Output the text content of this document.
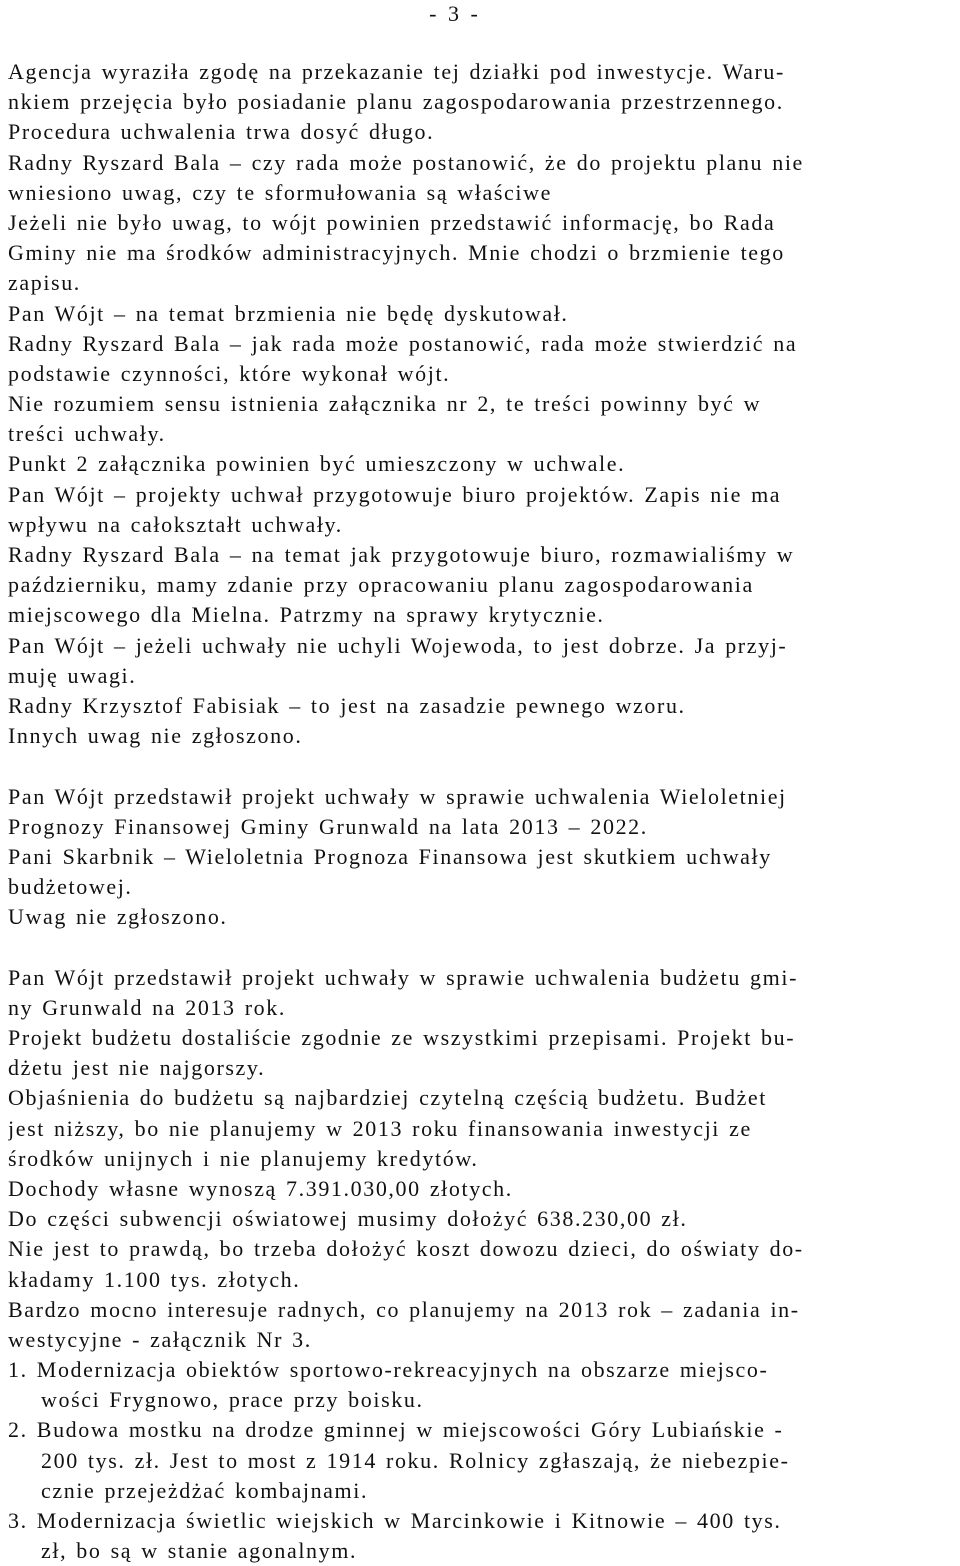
- 3 -
Agencja wyraziła zgodę na przekazanie tej działki pod inwestycje. Waru-
nkiem przejęcia było posiadanie planu zagospodarowania przestrzennego.
Procedura uchwalenia trwa dosyć długo.
Radny Ryszard Bala – czy rada może postanowić, że do projektu planu nie
wniesiono uwag, czy te sformułowania są właściwe
Jeżeli nie było uwag, to wójt powinien przedstawić informację, bo Rada
Gminy nie ma środków administracyjnych. Mnie chodzi o brzmienie tego
zapisu.
Pan Wójt – na temat brzmienia nie będę dyskutował.
Radny Ryszard Bala – jak rada może postanowić, rada może stwierdzić na
podstawie czynności, które wykonał wójt.
Nie rozumiem sensu istnienia załącznika nr 2, te treści powinny być w
treści uchwały.
Punkt 2 załącznika powinien być umieszczony w uchwale.
Pan Wójt – projekty uchwał przygotowuje biuro projektów. Zapis nie ma
wpływu na całokształt uchwały.
Radny Ryszard Bala – na temat jak przygotowuje biuro, rozmawialiśmy w
październiku, mamy zdanie przy opracowaniu planu zagospodarowania
miejscowego dla Mielna. Patrzmy na sprawy krytycznie.
Pan Wójt – jeżeli uchwały nie uchyli Wojewoda, to jest dobrze. Ja przyj-
muję uwagi.
Radny Krzysztof Fabisiak – to jest na zasadzie pewnego wzoru.
Innych uwag nie zgłoszono.
Pan Wójt przedstawił projekt uchwały w sprawie uchwalenia Wieloletniej
Prognozy Finansowej Gminy Grunwald na lata 2013 – 2022.
Pani Skarbnik – Wieloletnia Prognoza Finansowa jest skutkiem uchwały
budżetowej.
Uwag nie zgłoszono.
Pan Wójt przedstawił projekt uchwały w sprawie uchwalenia budżetu gmi-
ny Grunwald na 2013 rok.
Projekt budżetu dostaliście zgodnie ze wszystkimi przepisami. Projekt bu-
dżetu jest nie najgorszy.
Objaśnienia do budżetu są najbardziej czytelną częścią budżetu. Budżet
jest niższy, bo nie planujemy w 2013 roku finansowania inwestycji ze
środków unijnych i nie planujemy kredytów.
Dochody własne wynoszą 7.391.030,00 złotych.
Do części subwencji oświatowej musimy dołożyć 638.230,00 zł.
Nie jest to prawdą, bo trzeba dołożyć koszt dowozu dzieci, do oświaty do-
kładamy 1.100 tys. złotych.
Bardzo mocno interesuje radnych, co planujemy na 2013 rok – zadania in-
westycyjne - załącznik Nr 3.
1. Modernizacja obiektów sportowo-rekreacyjnych na obszarze miejsco-
wości Frygnowo, prace przy boisku.
2. Budowa mostku na drodze gminnej w miejscowości Góry Lubiańskie -
200 tys. zł. Jest to most z 1914 roku. Rolnicy zgłaszają, że niebezpie-
cznie przejeżdżać kombajnami.
3. Modernizacja świetlic wiejskich w Marcinkowie i Kitnowie – 400 tys.
zł, bo są w stanie agonalnym.
